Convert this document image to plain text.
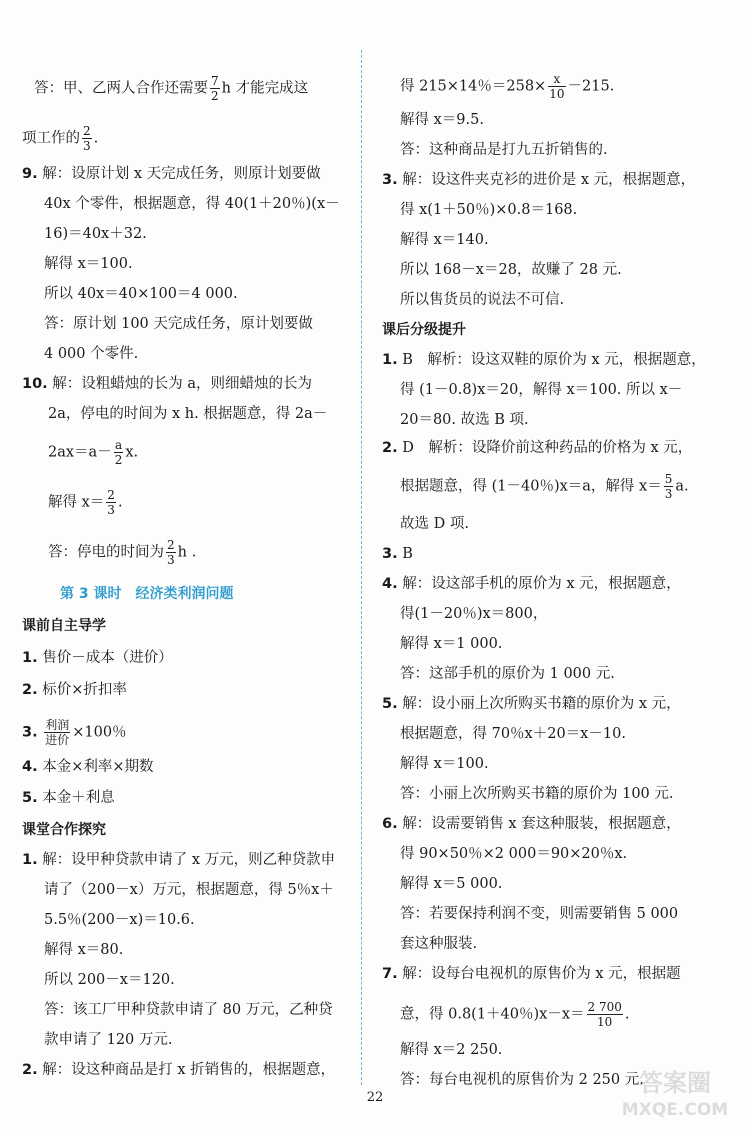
答：甲、乙两人合作还需要 $\frac{7}{2}$ h 才能完成这
项工作的 $\frac{2}{3}$ .
9. 解：设原计划 x 天完成任务，则原计划要做
40x 个零件，根据题意，得 40(1＋20％)(x－
16)＝40x＋32.
解得 x＝100.
所以 40x＝40×100＝4 000.
答：原计划 100 天完成任务，原计划要做
4 000 个零件.
10. 解：设粗蜡烛的长为 a，则细蜡烛的长为
2a，停电的时间为 x h. 根据题意，得 2a－
$2ax=a- \frac{a}{2} x$.
解得 $x= \frac{2}{3}$ .
答：停电的时间为 $\frac{2}{3}$ h .
第 3 课时　经济类利润问题
课前自主导学
1. 售价－成本（进价）
2. 标价×折扣率
3. $\frac{\text{利润}}{\text{进价}} \times 100$％
4. 本金×利率×期数
5. 本金＋利息
课堂合作探究
1. 解：设甲种贷款申请了 x 万元，则乙种贷款申
请了（200－x）万元，根据题意，得 5％x＋
5.5％(200－x)＝10.6.
解得 x＝80.
所以 200－x＝120.
答：该工厂甲种贷款申请了 80 万元，乙种贷
款申请了 120 万元.
2. 解：设这种商品是打 x 折销售的，根据题意，
得 215×14％$=258\times \frac{x}{10} -215$.
解得 x＝9.5.
答：这种商品是打九五折销售的.
3. 解：设这件夹克衫的进价是 x 元，根据题意，
得 x(1＋50％)×0.8＝168.
解得 x＝140.
所以 168－x＝28，故赚了 28 元.
所以售货员的说法不可信.
课后分级提升
1. B　解析：设这双鞋的原价为 x 元，根据题意，
得 (1－0.8)x＝20，解得 x＝100. 所以 x－
20＝80. 故选 B 项.
2. D　解析：设降价前这种药品的价格为 x 元，
根据题意，得 (1－40％)x＝a，解得 $x= \frac{5}{3} a$.
故选 D 项.
3. B
4. 解：设这部手机的原价为 x 元，根据题意，
得(1－20％)x＝800，
解得 x＝1 000.
答：这部手机的原价为 1 000 元.
5. 解：设小丽上次所购买书籍的原价为 x 元，
根据题意，得 70％x＋20＝x－10.
解得 x＝100.
答：小丽上次所购买书籍的原价为 100 元.
6. 解：设需要销售 x 套这种服装，根据题意，
得 90×50％×2 000＝90×20％x.
解得 x＝5 000.
答：若要保持利润不变，则需要销售 5 000
套这种服装.
7. 解：设每台电视机的原售价为 x 元，根据题
意，得 0.8(1＋40％)$x-x= \frac{2 700}{10}$ .
解得 x＝2 250.
答：每台电视机的原售价为 2 250 元.
22
答案圈
MXQE.COM
